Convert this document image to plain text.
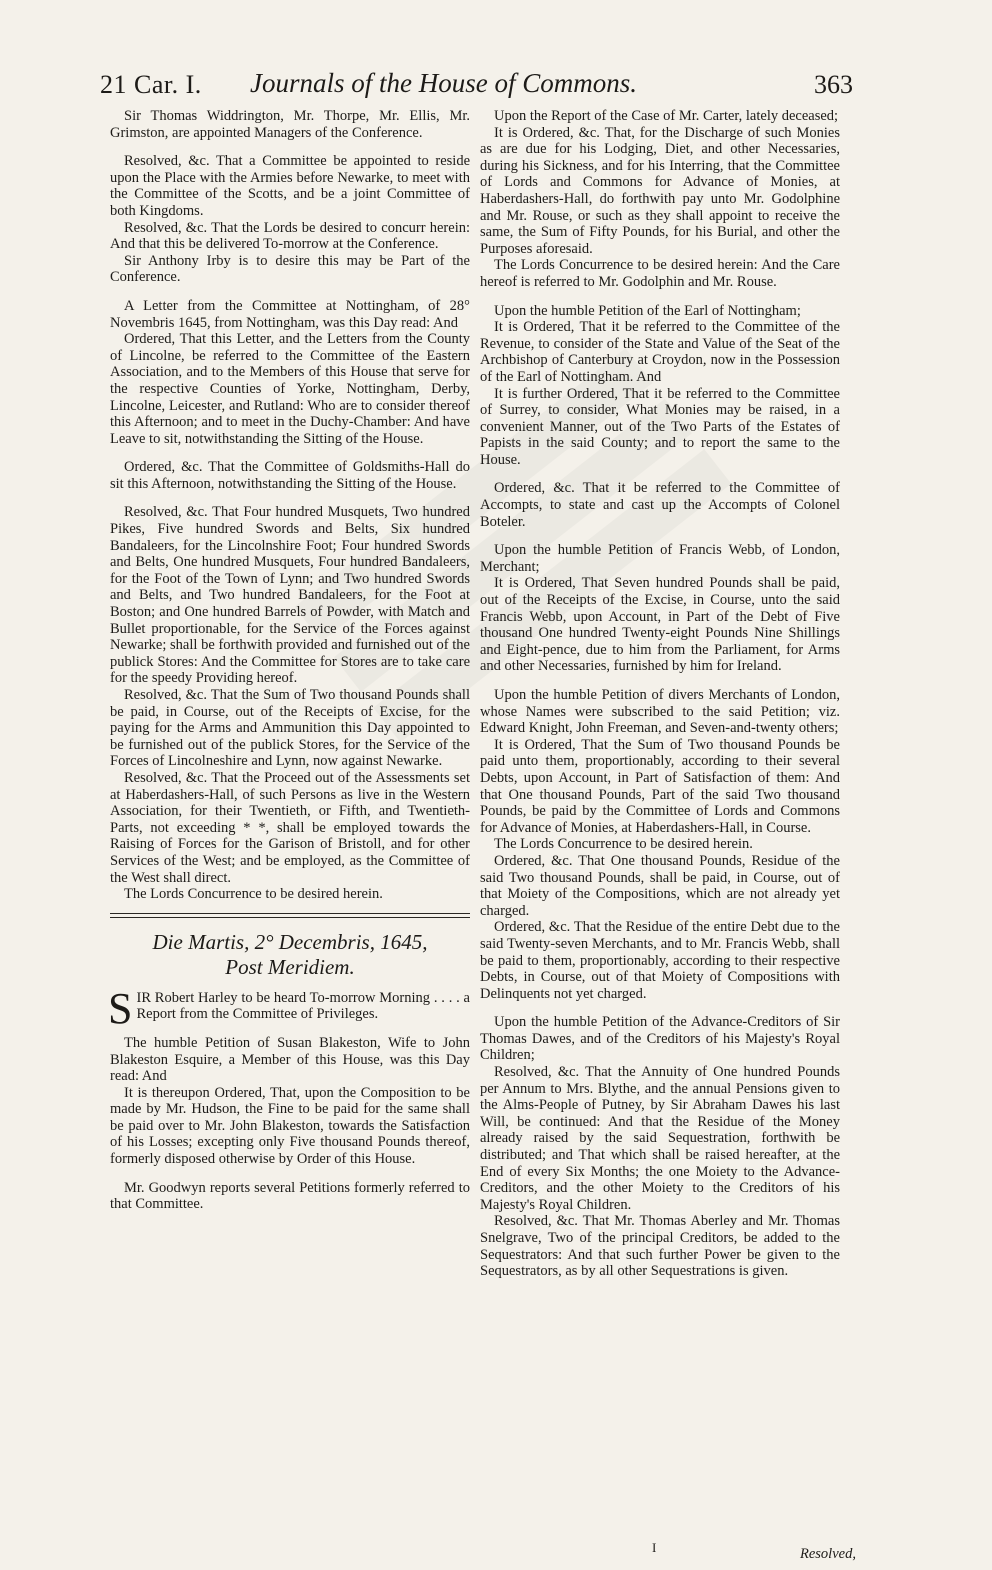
21 Car. I. Journals of the House of Commons.	363

Sir Thomas Widdrington, Mr. Thorpe, Mr. Ellis, Mr. Grimston, are appointed Managers of the Conference.

Resolved, &c. That a Committee be appointed to reside upon the Place with the Armies before Newarke, to meet with the Committee of the Scotts, and be a joint Committee of both Kingdoms.

Resolved, &c. That the Lords be desired to concurr herein: And that this be delivered To-morrow at the Conference.

Sir Anthony Irby is to desire this may be Part of the Conference.

A Letter from the Committee at Nottingham, of 28° Novembris 1645, from Nottingham, was this Day read: And

Ordered, That this Letter, and the Letters from the County of Lincolne, be referred to the Committee of the Eastern Association, and to the Members of this House that serve for the respective Counties of Yorke, Nottingham, Derby, Lincolne, Leicester, and Rutland: Who are to consider thereof this Afternoon; and to meet in the Duchy-Chamber: And have Leave to sit, notwithstanding the Sitting of the House.

Ordered, &c. That the Committee of Goldsmiths-Hall do sit this Afternoon, notwithstanding the Sitting of the House.

Resolved, &c. That Four hundred Musquets, Two hundred Pikes, Five hundred Swords and Belts, Six hundred Bandaleers, for the Lincolnshire Foot; Four hundred Swords and Belts, One hundred Musquets, Four hundred Bandaleers, for the Foot of the Town of Lynn; and Two hundred Swords and Belts, and Two hundred Bandaleers, for the Foot at Boston; and One hundred Barrels of Powder, with Match and Bullet proportionable, for the Service of the Forces against Newarke; shall be forthwith provided and furnished out of the publick Stores: And the Committee for Stores are to take care for the speedy Providing hereof.

Resolved, &c. That the Sum of Two thousand Pounds shall be paid, in Course, out of the Receipts of Excise, for the paying for the Arms and Ammunition this Day appointed to be furnished out of the publick Stores, for the Service of the Forces of Lincolneshire and Lynn, now against Newarke.

Resolved, &c. That the Proceed out of the Assessments set at Haberdashers-Hall, of such Persons as live in the Western Association, for their Twentieth, or Fifth, and Twentieth-Parts, not exceeding * *, shall be employed towards the Raising of Forces for the Garison of Bristoll, and for other Services of the West; and be employed, as the Committee of the West shall direct.

The Lords Concurrence to be desired herein.

Die Martis, 2° Decembris, 1645,
Post Meridiem.
S IR Robert Harley to be heard To-morrow Morning . . . . a Report from the Committee of Privileges.

The humble Petition of Susan Blakeston, Wife to John Blakeston Esquire, a Member of this House, was this Day read: And

It is thereupon Ordered, That, upon the Composition to be made by Mr. Hudson, the Fine to be paid for the same shall be paid over to Mr. John Blakeston, towards the Satisfaction of his Losses; excepting only Five thousand Pounds thereof, formerly disposed otherwise by Order of this House.

Mr. Goodwyn reports several Petitions formerly referred to that Committee.

Upon the Report of the Case of Mr. Carter, lately deceased;

It is Ordered, &c. That, for the Discharge of such Monies as are due for his Lodging, Diet, and other Necessaries, during his Sickness, and for his Interring, that the Committee of Lords and Commons for Advance of Monies, at Haberdashers-Hall, do forthwith pay unto Mr. Godolphine and Mr. Rouse, or such as they shall appoint to receive the same, the Sum of Fifty Pounds, for his Burial, and other the Purposes aforesaid.

The Lords Concurrence to be desired herein: And the Care hereof is referred to Mr. Godolphin and Mr. Rouse.

Upon the humble Petition of the Earl of Nottingham;

It is Ordered, That it be referred to the Committee of the Revenue, to consider of the State and Value of the Seat of the Archbishop of Canterbury at Croydon, now in the Possession of the Earl of Nottingham. And

It is further Ordered, That it be referred to the Committee of Surrey, to consider, What Monies may be raised, in a convenient Manner, out of the Two Parts of the Estates of Papists in the said County; and to report the same to the House.

Ordered, &c. That it be referred to the Committee of Accompts, to state and cast up the Accompts of Colonel Boteler.

Upon the humble Petition of Francis Webb, of London, Merchant;

It is Ordered, That Seven hundred Pounds shall be paid, out of the Receipts of the Excise, in Course, unto the said Francis Webb, upon Account, in Part of the Debt of Five thousand One hundred Twenty-eight Pounds Nine Shillings and Eight-pence, due to him from the Parliament, for Arms and other Necessaries, furnished by him for Ireland.

Upon the humble Petition of divers Merchants of London, whose Names were subscribed to the said Petition; viz. Edward Knight, John Freeman, and Seven-and-twenty others;

It is Ordered, That the Sum of Two thousand Pounds be paid unto them, proportionably, according to their several Debts, upon Account, in Part of Satisfaction of them: And that One thousand Pounds, Part of the said Two thousand Pounds, be paid by the Committee of Lords and Commons for Advance of Monies, at Haberdashers-Hall, in Course.

The Lords Concurrence to be desired herein.

Ordered, &c. That One thousand Pounds, Residue of the said Two thousand Pounds, shall be paid, in Course, out of that Moiety of the Compositions, which are not already yet charged.

Ordered, &c. That the Residue of the entire Debt due to the said Twenty-seven Merchants, and to Mr. Francis Webb, shall be paid to them, proportionably, according to their respective Debts, in Course, out of that Moiety of Compositions with Delinquents not yet charged.

Upon the humble Petition of the Advance-Creditors of Sir Thomas Dawes, and of the Creditors of his Majesty's Royal Children;

Resolved, &c. That the Annuity of One hundred Pounds per Annum to Mrs. Blythe, and the annual Pensions given to the Alms-People of Putney, by Sir Abraham Dawes his last Will, be continued: And that the Residue of the Money already raised by the said Sequestration, forthwith be distributed; and That which shall be raised hereafter, at the End of every Six Months; the one Moiety to the Advance-Creditors, and the other Moiety to the Creditors of his Majesty's Royal Children.

Resolved, &c. That Mr. Thomas Aberley and Mr. Thomas Snelgrave, Two of the principal Creditors, be added to the Sequestrators: And that such further Power be given to the Sequestrators, as by all other Sequestrations is given.

I	Resolved,
